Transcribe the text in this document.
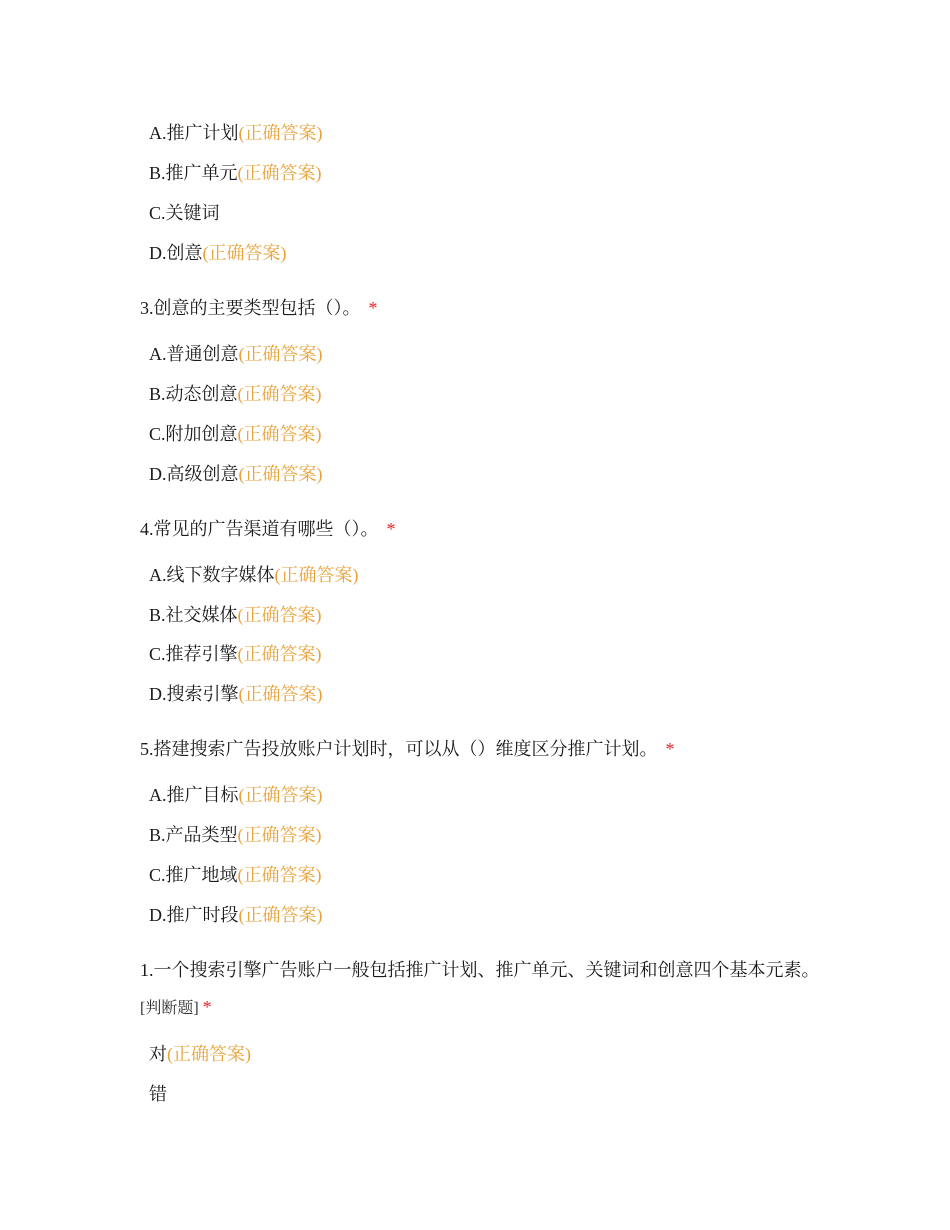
A.推广计划(正确答案)
B.推广单元(正确答案)
C.关键词
D.创意(正确答案)
3.创意的主要类型包括（）。 *
A.普通创意(正确答案)
B.动态创意(正确答案)
C.附加创意(正确答案)
D.高级创意(正确答案)
4.常见的广告渠道有哪些（）。 *
A.线下数字媒体(正确答案)
B.社交媒体(正确答案)
C.推荐引擎(正确答案)
D.搜索引擎(正确答案)
5.搭建搜索广告投放账户计划时，可以从（）维度区分推广计划。 *
A.推广目标(正确答案)
B.产品类型(正确答案)
C.推广地域(正确答案)
D.推广时段(正确答案)
1.一个搜索引擎广告账户一般包括推广计划、推广单元、关键词和创意四个基本元素。 [判断题] *
对(正确答案)
错
